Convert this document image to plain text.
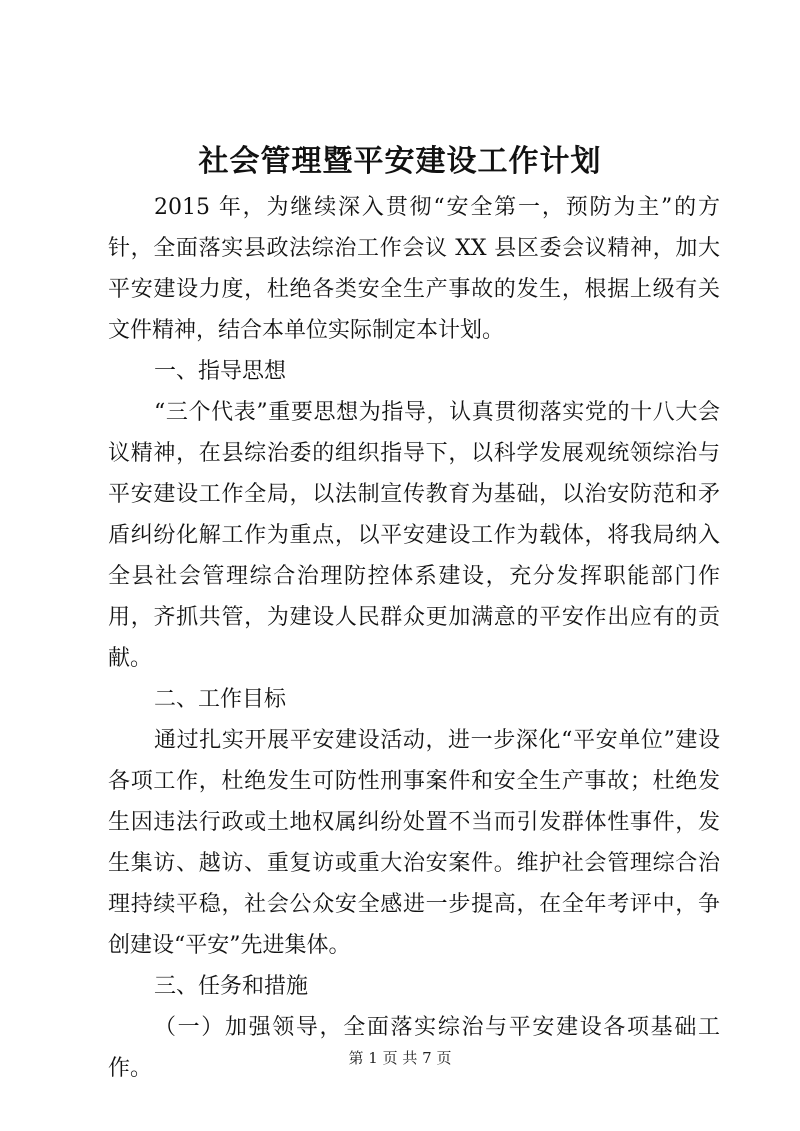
社会管理暨平安建设工作计划

2015 年，为继续深入贯彻“安全第一，预防为主”的方针，全面落实县政法综治工作会议 XX 县区委会议精神，加大平安建设力度，杜绝各类安全生产事故的发生，根据上级有关文件精神，结合本单位实际制定本计划。

一、指导思想

“三个代表”重要思想为指导，认真贯彻落实党的十八大会议精神，在县综治委的组织指导下，以科学发展观统领综治与平安建设工作全局，以法制宣传教育为基础，以治安防范和矛盾纠纷化解工作为重点，以平安建设工作为载体，将我局纳入全县社会管理综合治理防控体系建设，充分发挥职能部门作用，齐抓共管，为建设人民群众更加满意的平安作出应有的贡献。

二、工作目标

通过扎实开展平安建设活动，进一步深化“平安单位”建设各项工作，杜绝发生可防性刑事案件和安全生产事故；杜绝发生因违法行政或土地权属纠纷处置不当而引发群体性事件，发生集访、越访、重复访或重大治安案件。维护社会管理综合治理持续平稳，社会公众安全感进一步提高，在全年考评中，争创建设“平安”先进集体。

三、任务和措施

（一）加强领导，全面落实综治与平安建设各项基础工作。	第 1 页 共 7 页
